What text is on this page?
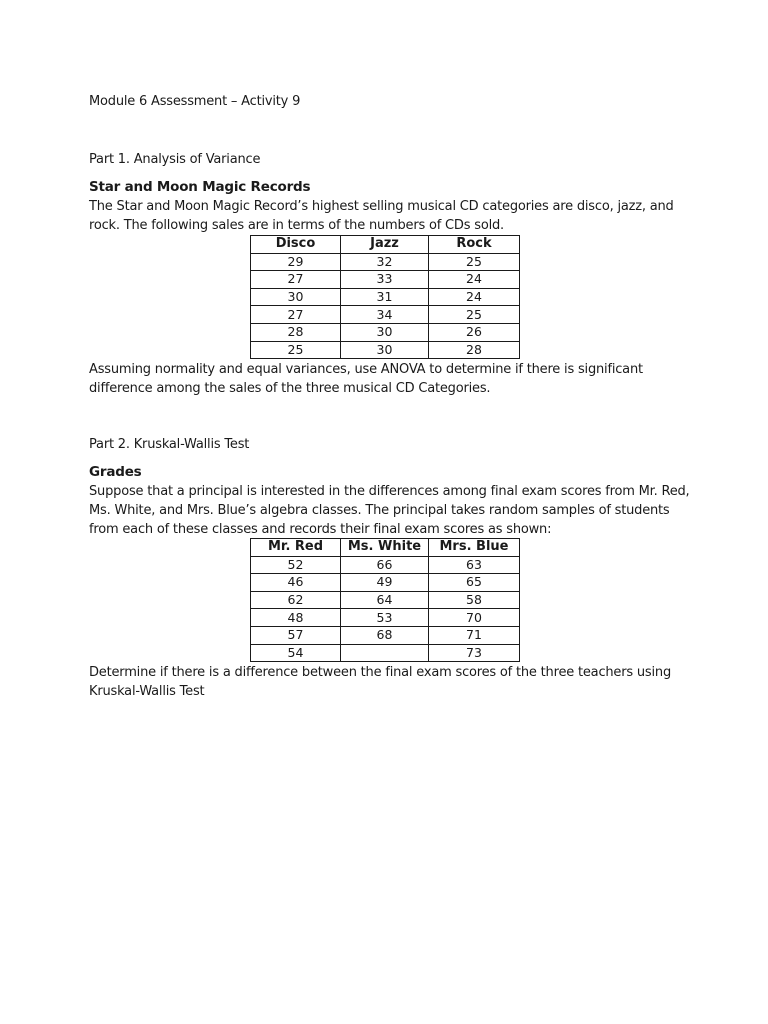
Module 6 Assessment – Activity 9
Part 1. Analysis of Variance
Star and Moon Magic Records
The Star and Moon Magic Record’s highest selling musical CD categories are disco, jazz, and
rock. The following sales are in terms of the numbers of CDs sold.
Disco	Jazz	Rock
29	32	25
27	33	24
30	31	24
27	34	25
28	30	26
25	30	28
Assuming normality and equal variances, use ANOVA to determine if there is significant
difference among the sales of the three musical CD Categories.
Part 2. Kruskal-Wallis Test
Grades
Suppose that a principal is interested in the differences among final exam scores from Mr. Red,
Ms. White, and Mrs. Blue’s algebra classes. The principal takes random samples of students
from each of these classes and records their final exam scores as shown:
Mr. Red	Ms. White	Mrs. Blue
52	66	63
46	49	65
62	64	58
48	53	70
57	68	71
54		73
Determine if there is a difference between the final exam scores of the three teachers using
Kruskal-Wallis Test
